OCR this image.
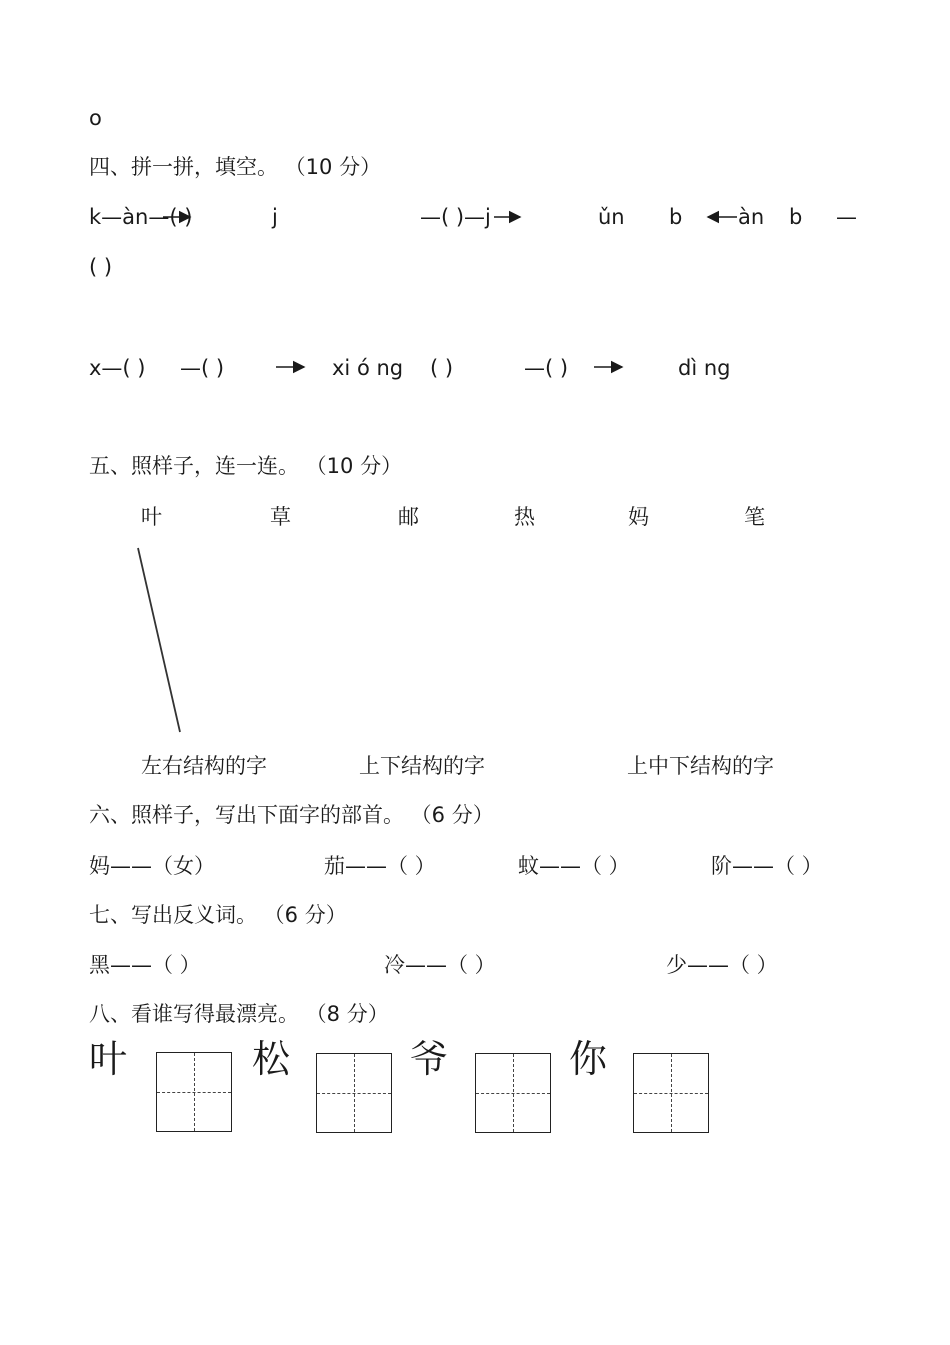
o
四、拼一拼，填空。 （10 分）
k—àn—( )	j	—( )—j	ǔn b	àn b —
( )
x—( ) —( )	xi ó ng ( )	—( )	dì ng
五、照样子，连一连。 （10 分）
叶	草	邮	热	妈	笔
左右结构的字	上下结构的字	上中下结构的字
六、照样子，写出下面字的部首。 （6 分）
妈——（女）	茄——（ ）	蚊——（ ）	阶——（ ）
七、写出反义词。 （6 分）
黑——（ ）	冷——（ ）	少——（ ）
八、看谁写得最漂亮。 （8 分）
叶	松	爷	你
